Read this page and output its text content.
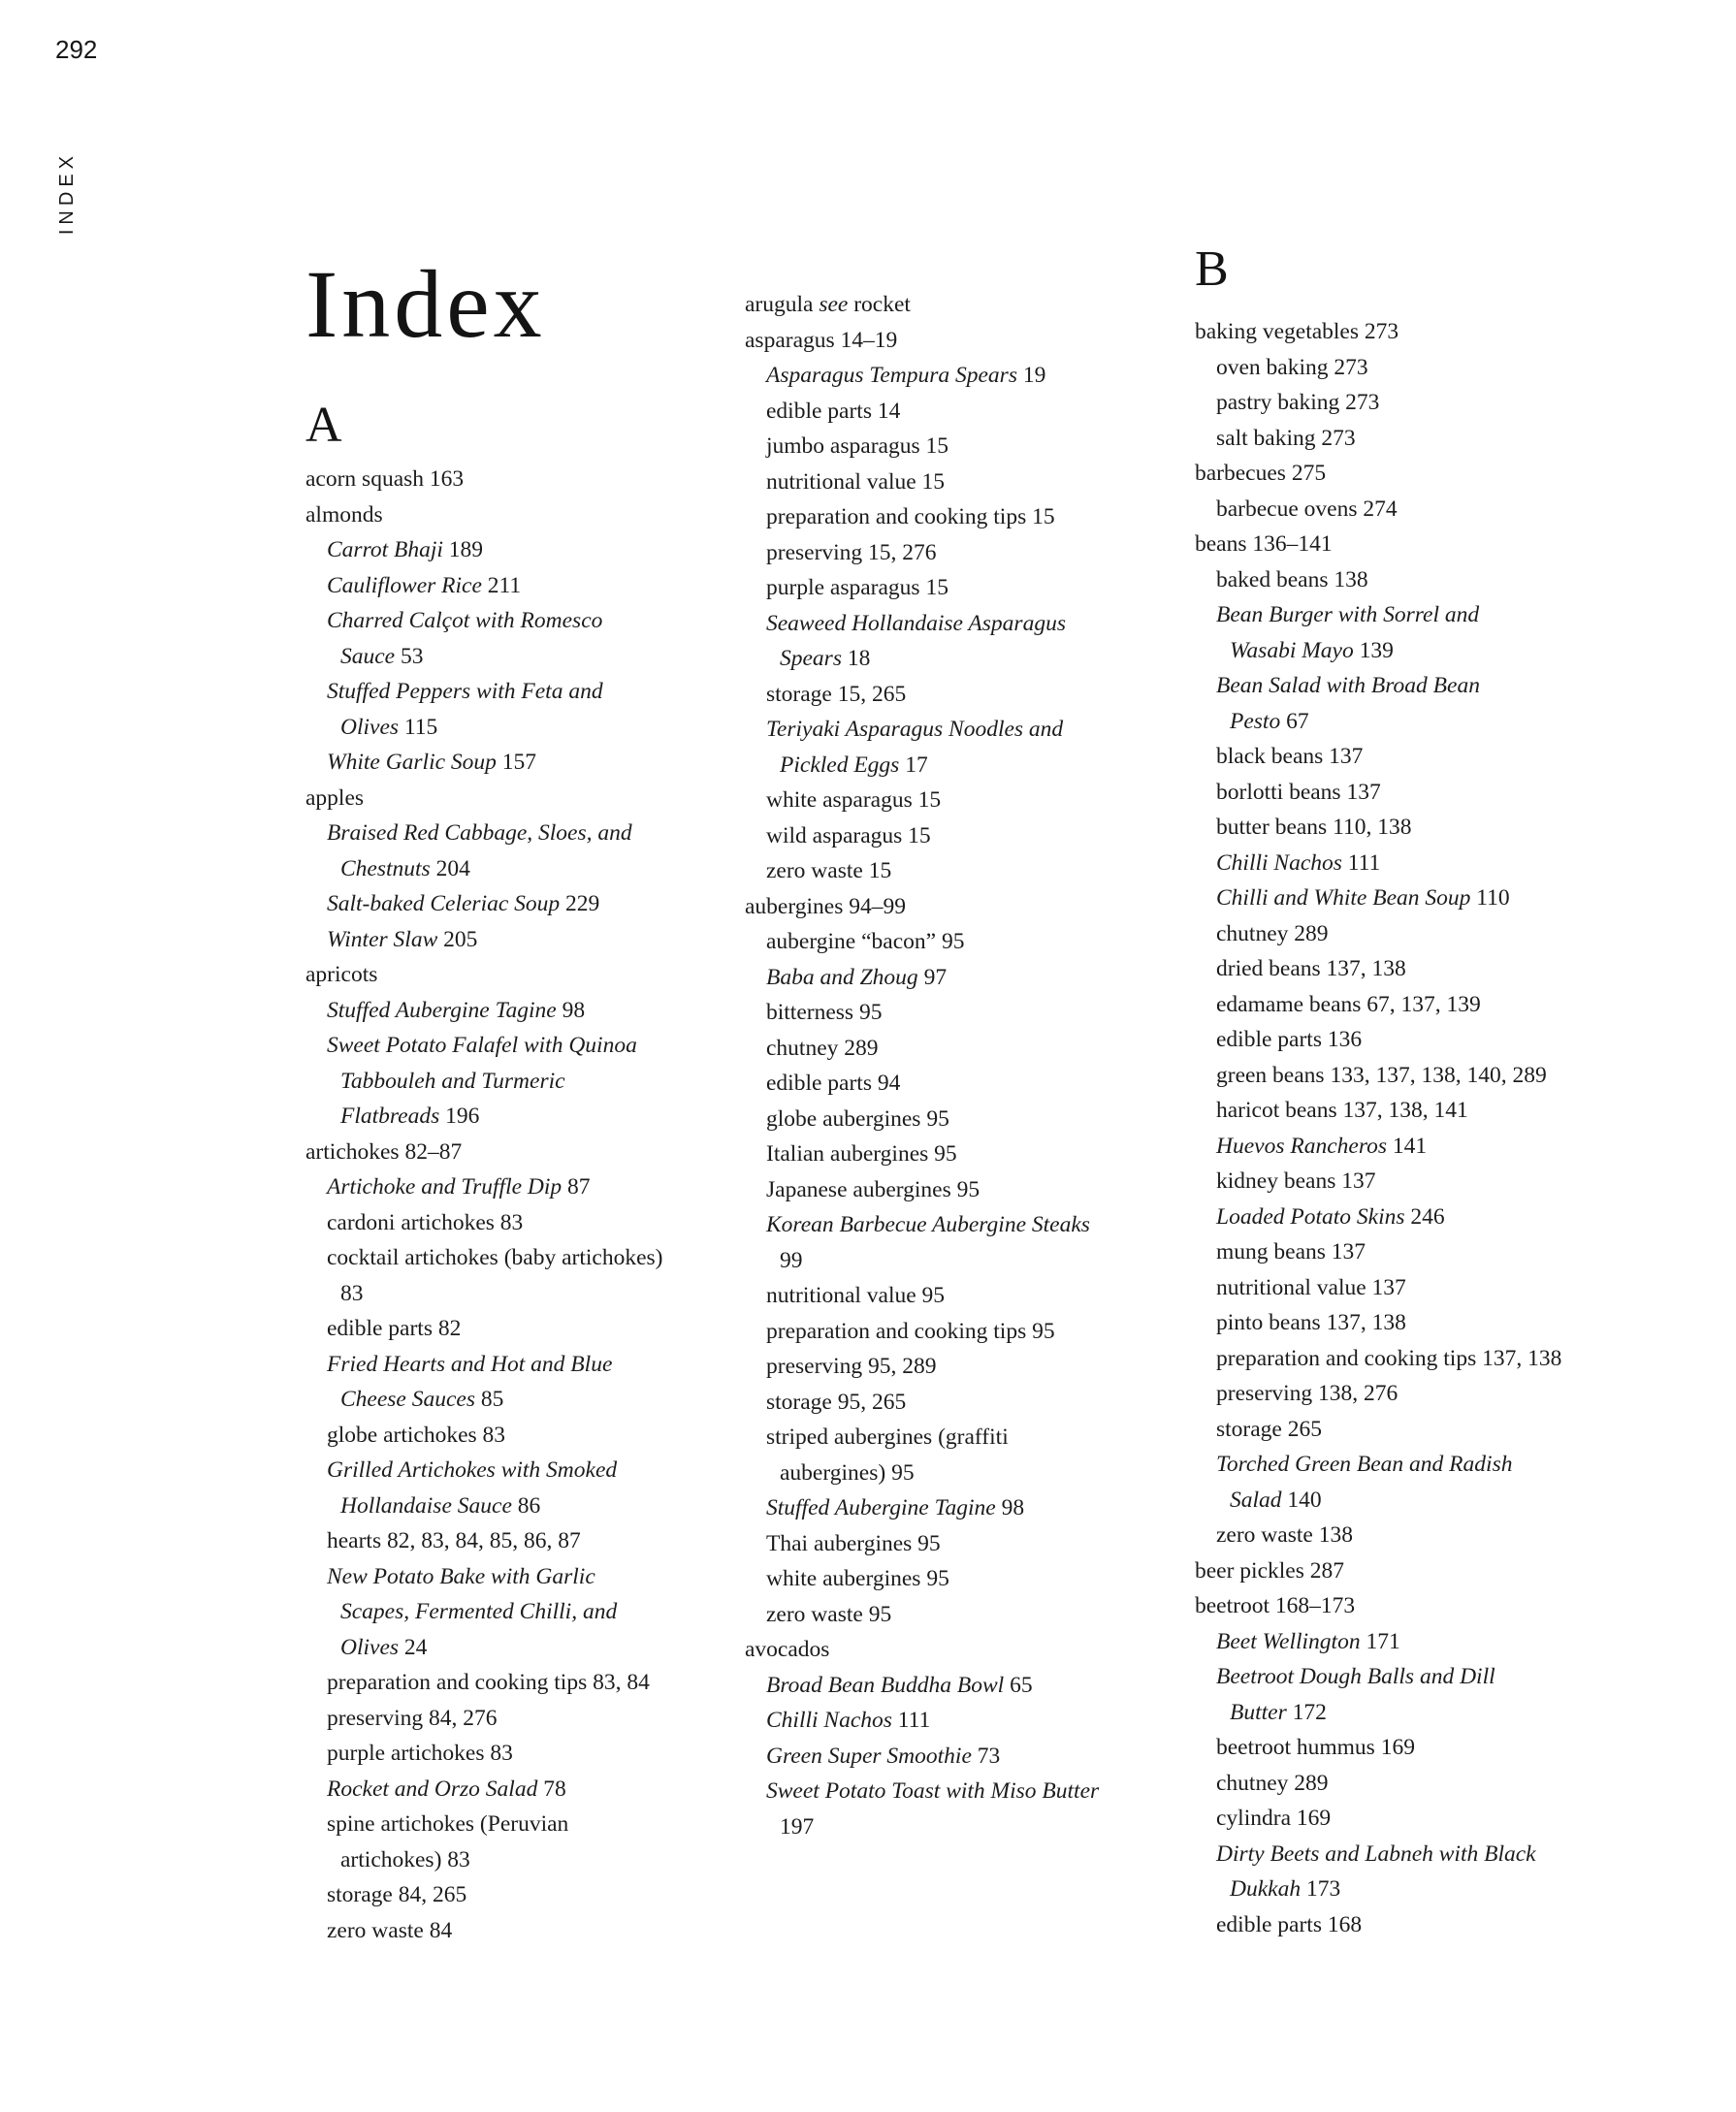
292
INDEX
Index
A
acorn squash 163
almonds
Carrot Bhaji 189
Cauliflower Rice 211
Charred Calçot with Romesco
Sauce 53
Stuffed Peppers with Feta and
Olives 115
White Garlic Soup 157
apples
Braised Red Cabbage, Sloes, and
Chestnuts 204
Salt-baked Celeriac Soup 229
Winter Slaw 205
apricots
Stuffed Aubergine Tagine 98
Sweet Potato Falafel with Quinoa
Tabbouleh and Turmeric
Flatbreads 196
artichokes 82–87
Artichoke and Truffle Dip 87
cardoni artichokes 83
cocktail artichokes (baby artichokes)
83
edible parts 82
Fried Hearts and Hot and Blue
Cheese Sauces 85
globe artichokes 83
Grilled Artichokes with Smoked
Hollandaise Sauce 86
hearts 82, 83, 84, 85, 86, 87
New Potato Bake with Garlic
Scapes, Fermented Chilli, and
Olives 24
preparation and cooking tips 83, 84
preserving 84, 276
purple artichokes 83
Rocket and Orzo Salad 78
spine artichokes (Peruvian
artichokes) 83
storage 84, 265
zero waste 84
arugula see rocket
asparagus 14–19
Asparagus Tempura Spears 19
edible parts 14
jumbo asparagus 15
nutritional value 15
preparation and cooking tips 15
preserving 15, 276
purple asparagus 15
Seaweed Hollandaise Asparagus
Spears 18
storage 15, 265
Teriyaki Asparagus Noodles and
Pickled Eggs 17
white asparagus 15
wild asparagus 15
zero waste 15
aubergines 94–99
aubergine “bacon” 95
Baba and Zhoug 97
bitterness 95
chutney 289
edible parts 94
globe aubergines 95
Italian aubergines 95
Japanese aubergines 95
Korean Barbecue Aubergine Steaks
99
nutritional value 95
preparation and cooking tips 95
preserving 95, 289
storage 95, 265
striped aubergines (graffiti
aubergines) 95
Stuffed Aubergine Tagine 98
Thai aubergines 95
white aubergines 95
zero waste 95
avocados
Broad Bean Buddha Bowl 65
Chilli Nachos 111
Green Super Smoothie 73
Sweet Potato Toast with Miso Butter
197
B
baking vegetables 273
oven baking 273
pastry baking 273
salt baking 273
barbecues 275
barbecue ovens 274
beans 136–141
baked beans 138
Bean Burger with Sorrel and
Wasabi Mayo 139
Bean Salad with Broad Bean
Pesto 67
black beans 137
borlotti beans 137
butter beans 110, 138
Chilli Nachos 111
Chilli and White Bean Soup 110
chutney 289
dried beans 137, 138
edamame beans 67, 137, 139
edible parts 136
green beans 133, 137, 138, 140, 289
haricot beans 137, 138, 141
Huevos Rancheros 141
kidney beans 137
Loaded Potato Skins 246
mung beans 137
nutritional value 137
pinto beans 137, 138
preparation and cooking tips 137, 138
preserving 138, 276
storage 265
Torched Green Bean and Radish
Salad 140
zero waste 138
beer pickles 287
beetroot 168–173
Beet Wellington 171
Beetroot Dough Balls and Dill
Butter 172
beetroot hummus 169
chutney 289
cylindra 169
Dirty Beets and Labneh with Black
Dukkah 173
edible parts 168
